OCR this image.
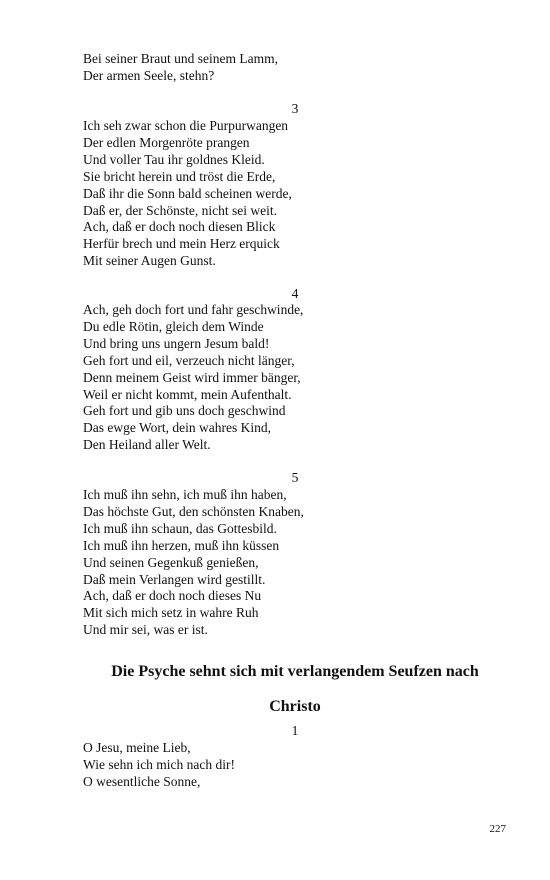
Bei seiner Braut und seinem Lamm,
Der armen Seele, stehn?
3
Ich seh zwar schon die Purpurwangen
Der edlen Morgenröte prangen
Und voller Tau ihr goldnes Kleid.
Sie bricht herein und tröst die Erde,
Daß ihr die Sonn bald scheinen werde,
Daß er, der Schönste, nicht sei weit.
Ach, daß er doch noch diesen Blick
Herfür brech und mein Herz erquick
Mit seiner Augen Gunst.
4
Ach, geh doch fort und fahr geschwinde,
Du edle Rötin, gleich dem Winde
Und bring uns ungern Jesum bald!
Geh fort und eil, verzeuch nicht länger,
Denn meinem Geist wird immer bänger,
Weil er nicht kommt, mein Aufenthalt.
Geh fort und gib uns doch geschwind
Das ewge Wort, dein wahres Kind,
Den Heiland aller Welt.
5
Ich muß ihn sehn, ich muß ihn haben,
Das höchste Gut, den schönsten Knaben,
Ich muß ihn schaun, das Gottesbild.
Ich muß ihn herzen, muß ihn küssen
Und seinen Gegenkuß genießen,
Daß mein Verlangen wird gestillt.
Ach, daß er doch noch dieses Nu
Mit sich mich setz in wahre Ruh
Und mir sei, was er ist.
Die Psyche sehnt sich mit verlangendem Seufzen nach
Christo
1
O Jesu, meine Lieb,
Wie sehn ich mich nach dir!
O wesentliche Sonne,
227
